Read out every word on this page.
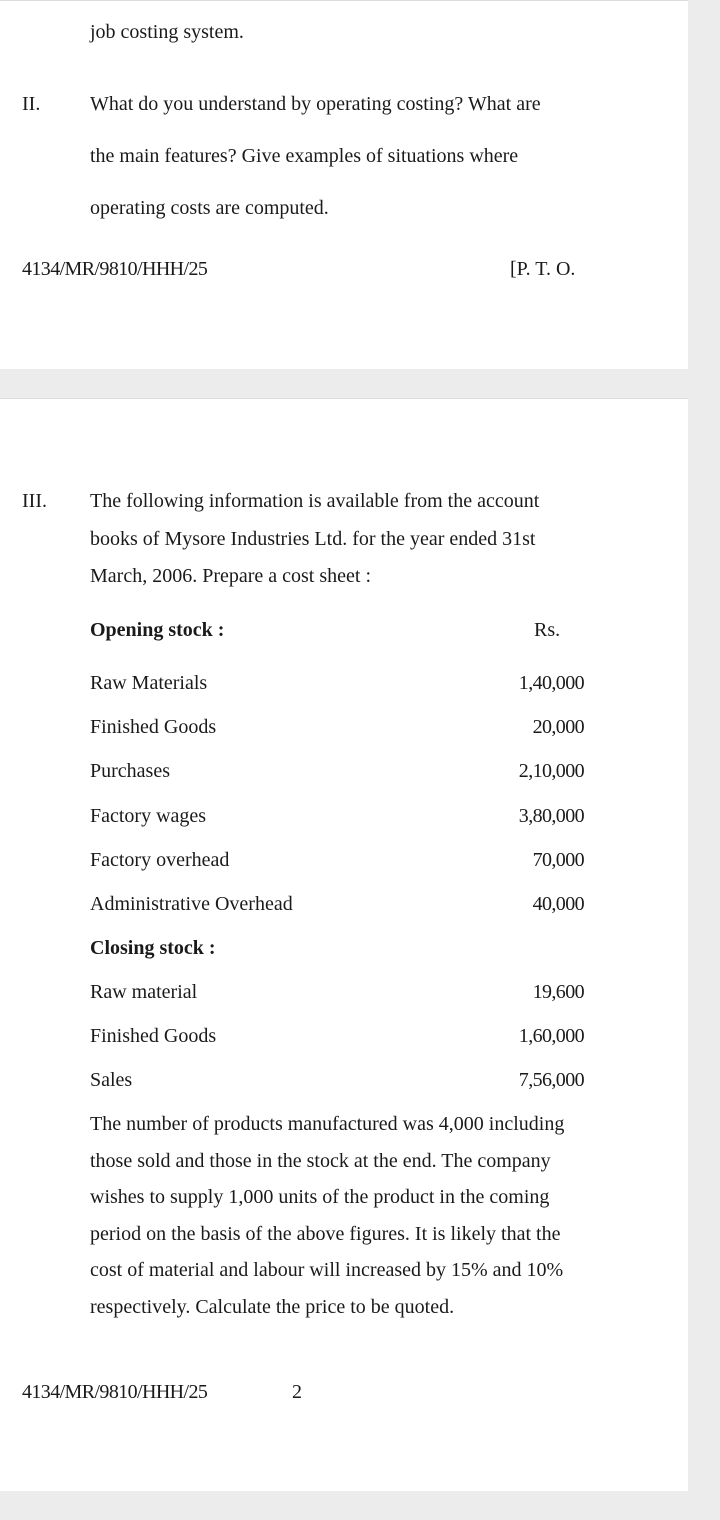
job costing system.
II. What do you understand by operating costing? What are
the main features? Give examples of situations where
operating costs are computed.
4134/MR/9810/HHH/25	[P. T. O.
III. The following information is available from the account
books of Mysore Industries Ltd. for the year ended 31st
March, 2006. Prepare a cost sheet :
Opening stock :	Rs.
Raw Materials	1,40,000
Finished Goods	20,000
Purchases	2,10,000
Factory wages	3,80,000
Factory overhead	70,000
Administrative Overhead	40,000
Closing stock :
Raw material	19,600
Finished Goods	1,60,000
Sales	7,56,000
The number of products manufactured was 4,000 including
those sold and those in the stock at the end. The company
wishes to supply 1,000 units of the product in the coming
period on the basis of the above figures. It is likely that the
cost of material and labour will increased by 15% and 10%
respectively. Calculate the price to be quoted.
4134/MR/9810/HHH/25	2
